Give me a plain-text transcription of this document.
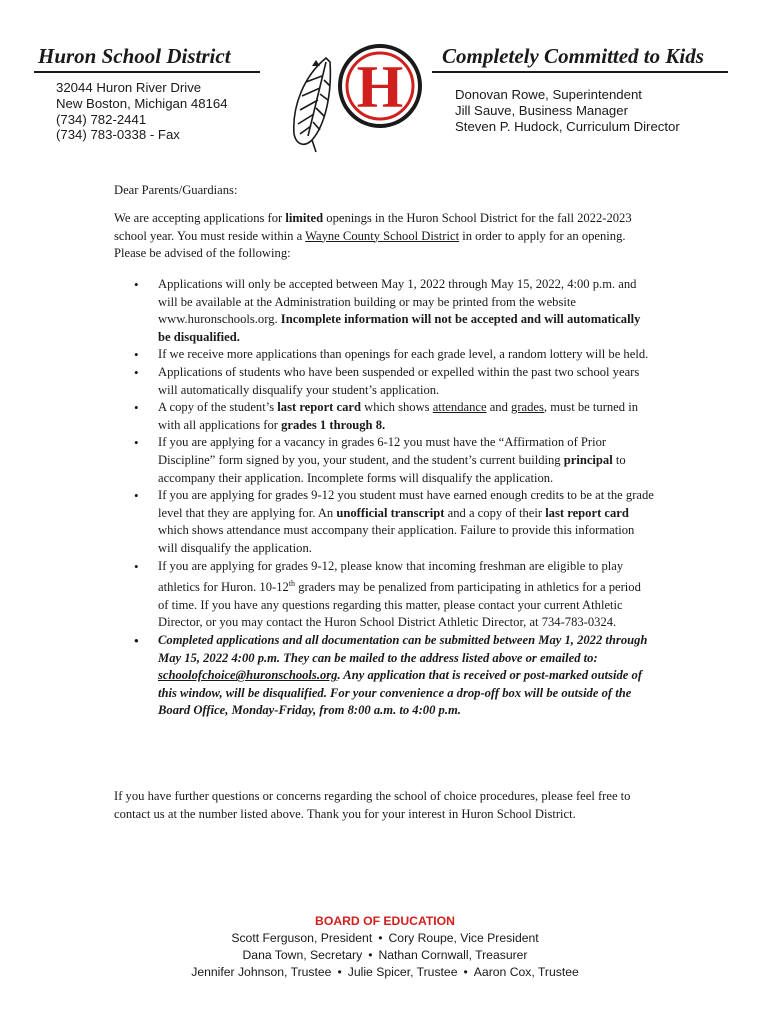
Huron School District	Completely Committed to Kids
32044 Huron River Drive
New Boston, Michigan 48164
(734) 782-2441
(734) 783-0338 - Fax
Donovan Rowe, Superintendent
Jill Sauve, Business Manager
Steven P. Hudock, Curriculum Director
H
Dear Parents/Guardians:
We are accepting applications for limited openings in the Huron School District for the fall 2022-2023 school year. You must reside within a Wayne County School District in order to apply for an opening. Please be advised of the following:
• Applications will only be accepted between May 1, 2022 through May 15, 2022, 4:00 p.m. and will be available at the Administration building or may be printed from the website www.huronschools.org. Incomplete information will not be accepted and will automatically be disqualified.
• If we receive more applications than openings for each grade level, a random lottery will be held.
• Applications of students who have been suspended or expelled within the past two school years will automatically disqualify your student’s application.
• A copy of the student’s last report card which shows attendance and grades, must be turned in with all applications for grades 1 through 8.
• If you are applying for a vacancy in grades 6-12 you must have the “Affirmation of Prior Discipline” form signed by you, your student, and the student’s current building principal to accompany their application. Incomplete forms will disqualify the application.
• If you are applying for grades 9-12 you student must have earned enough credits to be at the grade level that they are applying for. An unofficial transcript and a copy of their last report card which shows attendance must accompany their application. Failure to provide this information will disqualify the application.
• If you are applying for grades 9-12, please know that incoming freshman are eligible to play athletics for Huron. 10-12th graders may be penalized from participating in athletics for a period of time. If you have any questions regarding this matter, please contact your current Athletic Director, or you may contact the Huron School District Athletic Director, at 734-783-0324.
• Completed applications and all documentation can be submitted between May 1, 2022 through May 15, 2022 4:00 p.m. They can be mailed to the address listed above or emailed to: schoolofchoice@huronschools.org. Any application that is received or post-marked outside of this window, will be disqualified. For your convenience a drop-off box will be outside of the Board Office, Monday-Friday, from 8:00 a.m. to 4:00 p.m.
If you have further questions or concerns regarding the school of choice procedures, please feel free to contact us at the number listed above. Thank you for your interest in Huron School District.
BOARD OF EDUCATION
Scott Ferguson, President • Cory Roupe, Vice President
Dana Town, Secretary • Nathan Cornwall, Treasurer
Jennifer Johnson, Trustee • Julie Spicer, Trustee • Aaron Cox, Trustee
